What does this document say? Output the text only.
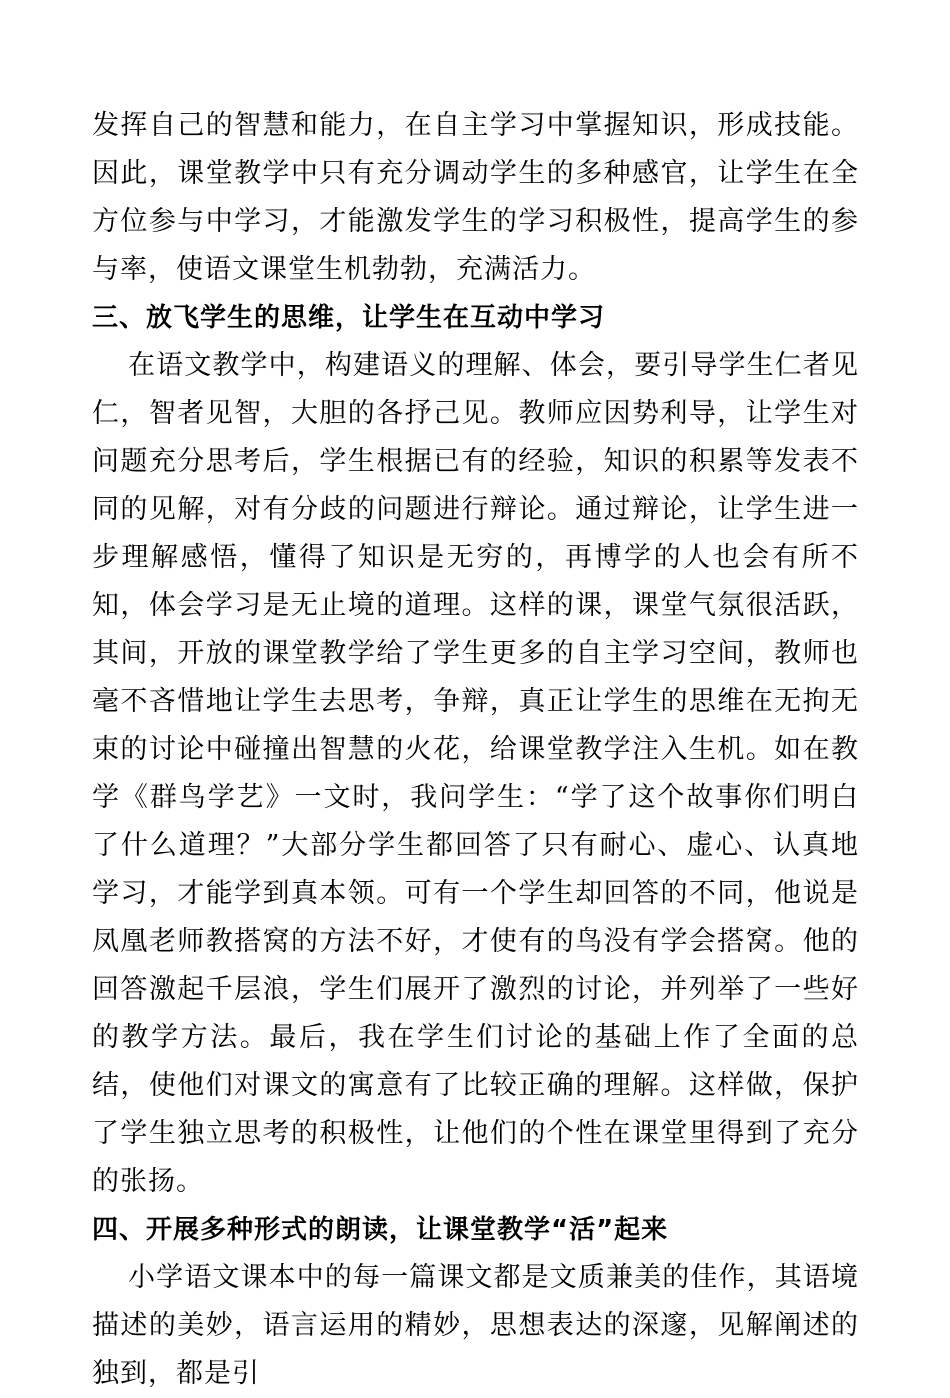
发挥自己的智慧和能力，在自主学习中掌握知识，形成技能。因此，课堂教学中只有充分调动学生的多种感官，让学生在全方位参与中学习，才能激发学生的学习积极性，提高学生的参与率，使语文课堂生机勃勃，充满活力。

三、放飞学生的思维，让学生在互动中学习

在语文教学中，构建语义的理解、体会，要引导学生仁者见仁，智者见智，大胆的各抒己见。教师应因势利导，让学生对问题充分思考后，学生根据已有的经验，知识的积累等发表不同的见解，对有分歧的问题进行辩论。通过辩论，让学生进一步理解感悟，懂得了知识是无穷的，再博学的人也会有所不知，体会学习是无止境的道理。这样的课，课堂气氛很活跃，其间，开放的课堂教学给了学生更多的自主学习空间，教师也毫不吝惜地让学生去思考，争辩，真正让学生的思维在无拘无束的讨论中碰撞出智慧的火花，给课堂教学注入生机。如在教学《群鸟学艺》一文时，我问学生：“学了这个故事你们明白了什么道理？”大部分学生都回答了只有耐心、虚心、认真地学习，才能学到真本领。可有一个学生却回答的不同，他说是凤凰老师教搭窝的方法不好，才使有的鸟没有学会搭窝。他的回答激起千层浪，学生们展开了激烈的讨论，并列举了一些好的教学方法。最后，我在学生们讨论的基础上作了全面的总结，使他们对课文的寓意有了比较正确的理解。这样做，保护了学生独立思考的积极性，让他们的个性在课堂里得到了充分的张扬。

四、开展多种形式的朗读，让课堂教学“活”起来

小学语文课本中的每一篇课文都是文质兼美的佳作，其语境描述的美妙，语言运用的精妙，思想表达的深邃，见解阐述的独到，都是引
